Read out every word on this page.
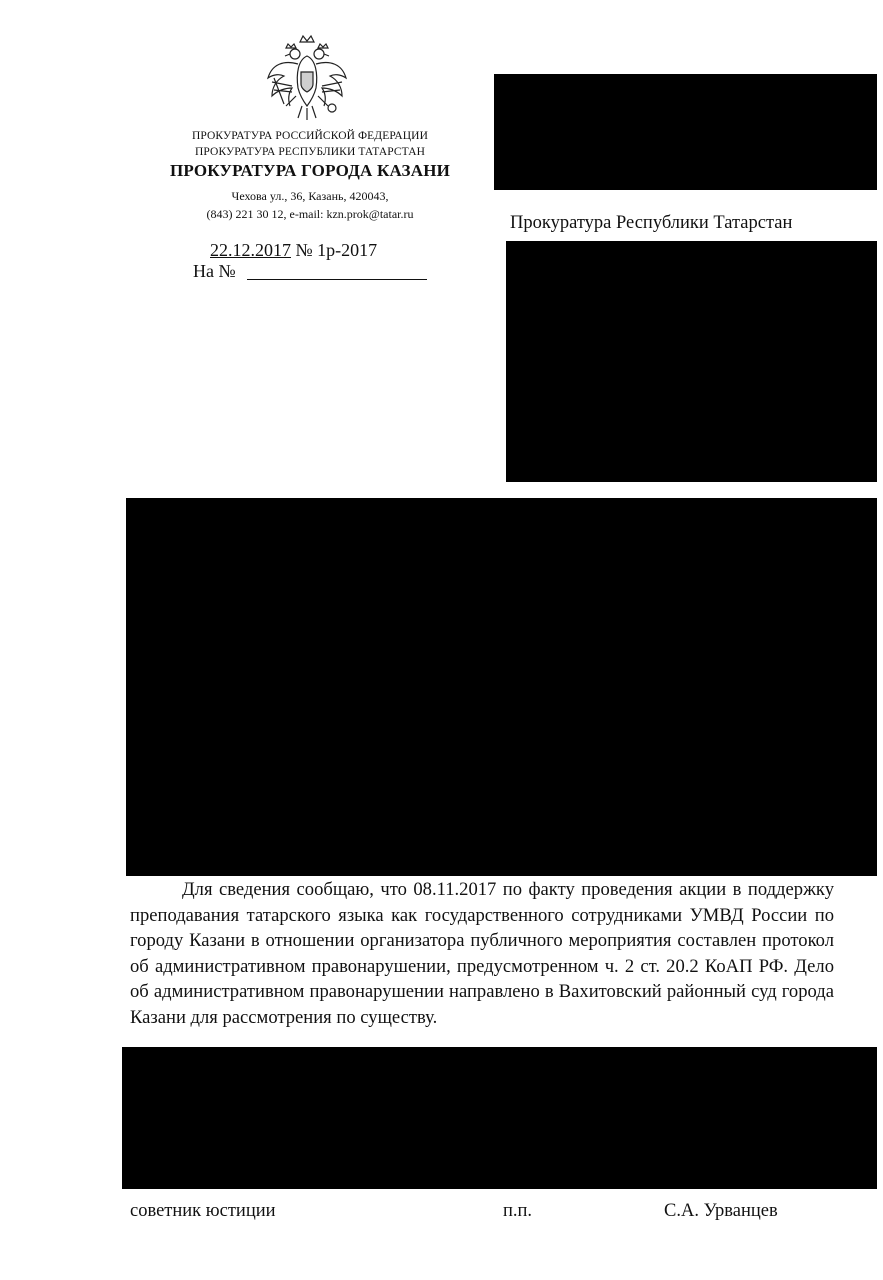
ПРОКУРАТУРА РОССИЙСКОЙ ФЕДЕРАЦИИ
ПРОКУРАТУРА РЕСПУБЛИКИ ТАТАРСТАН
ПРОКУРАТУРА ГОРОДА КАЗАНИ
Чехова ул., 36, Казань, 420043,
(843) 221 30 12, e-mail: kzn.prok@tatar.ru
22.12.2017 № 1р-2017
На №
Прокуратура Республики Татарстан
Для сведения сообщаю, что 08.11.2017 по факту проведения акции в поддержку преподавания татарского языка как государственного сотрудниками УМВД России по городу Казани в отношении организатора публичного мероприятия составлен протокол об административном правонарушении, предусмотренном ч. 2 ст. 20.2 КоАП РФ. Дело об административном правонарушении направлено в Вахитовский районный суд города Казани для рассмотрения по существу.
советник юстиции	п.п.	С.А. Урванцев
